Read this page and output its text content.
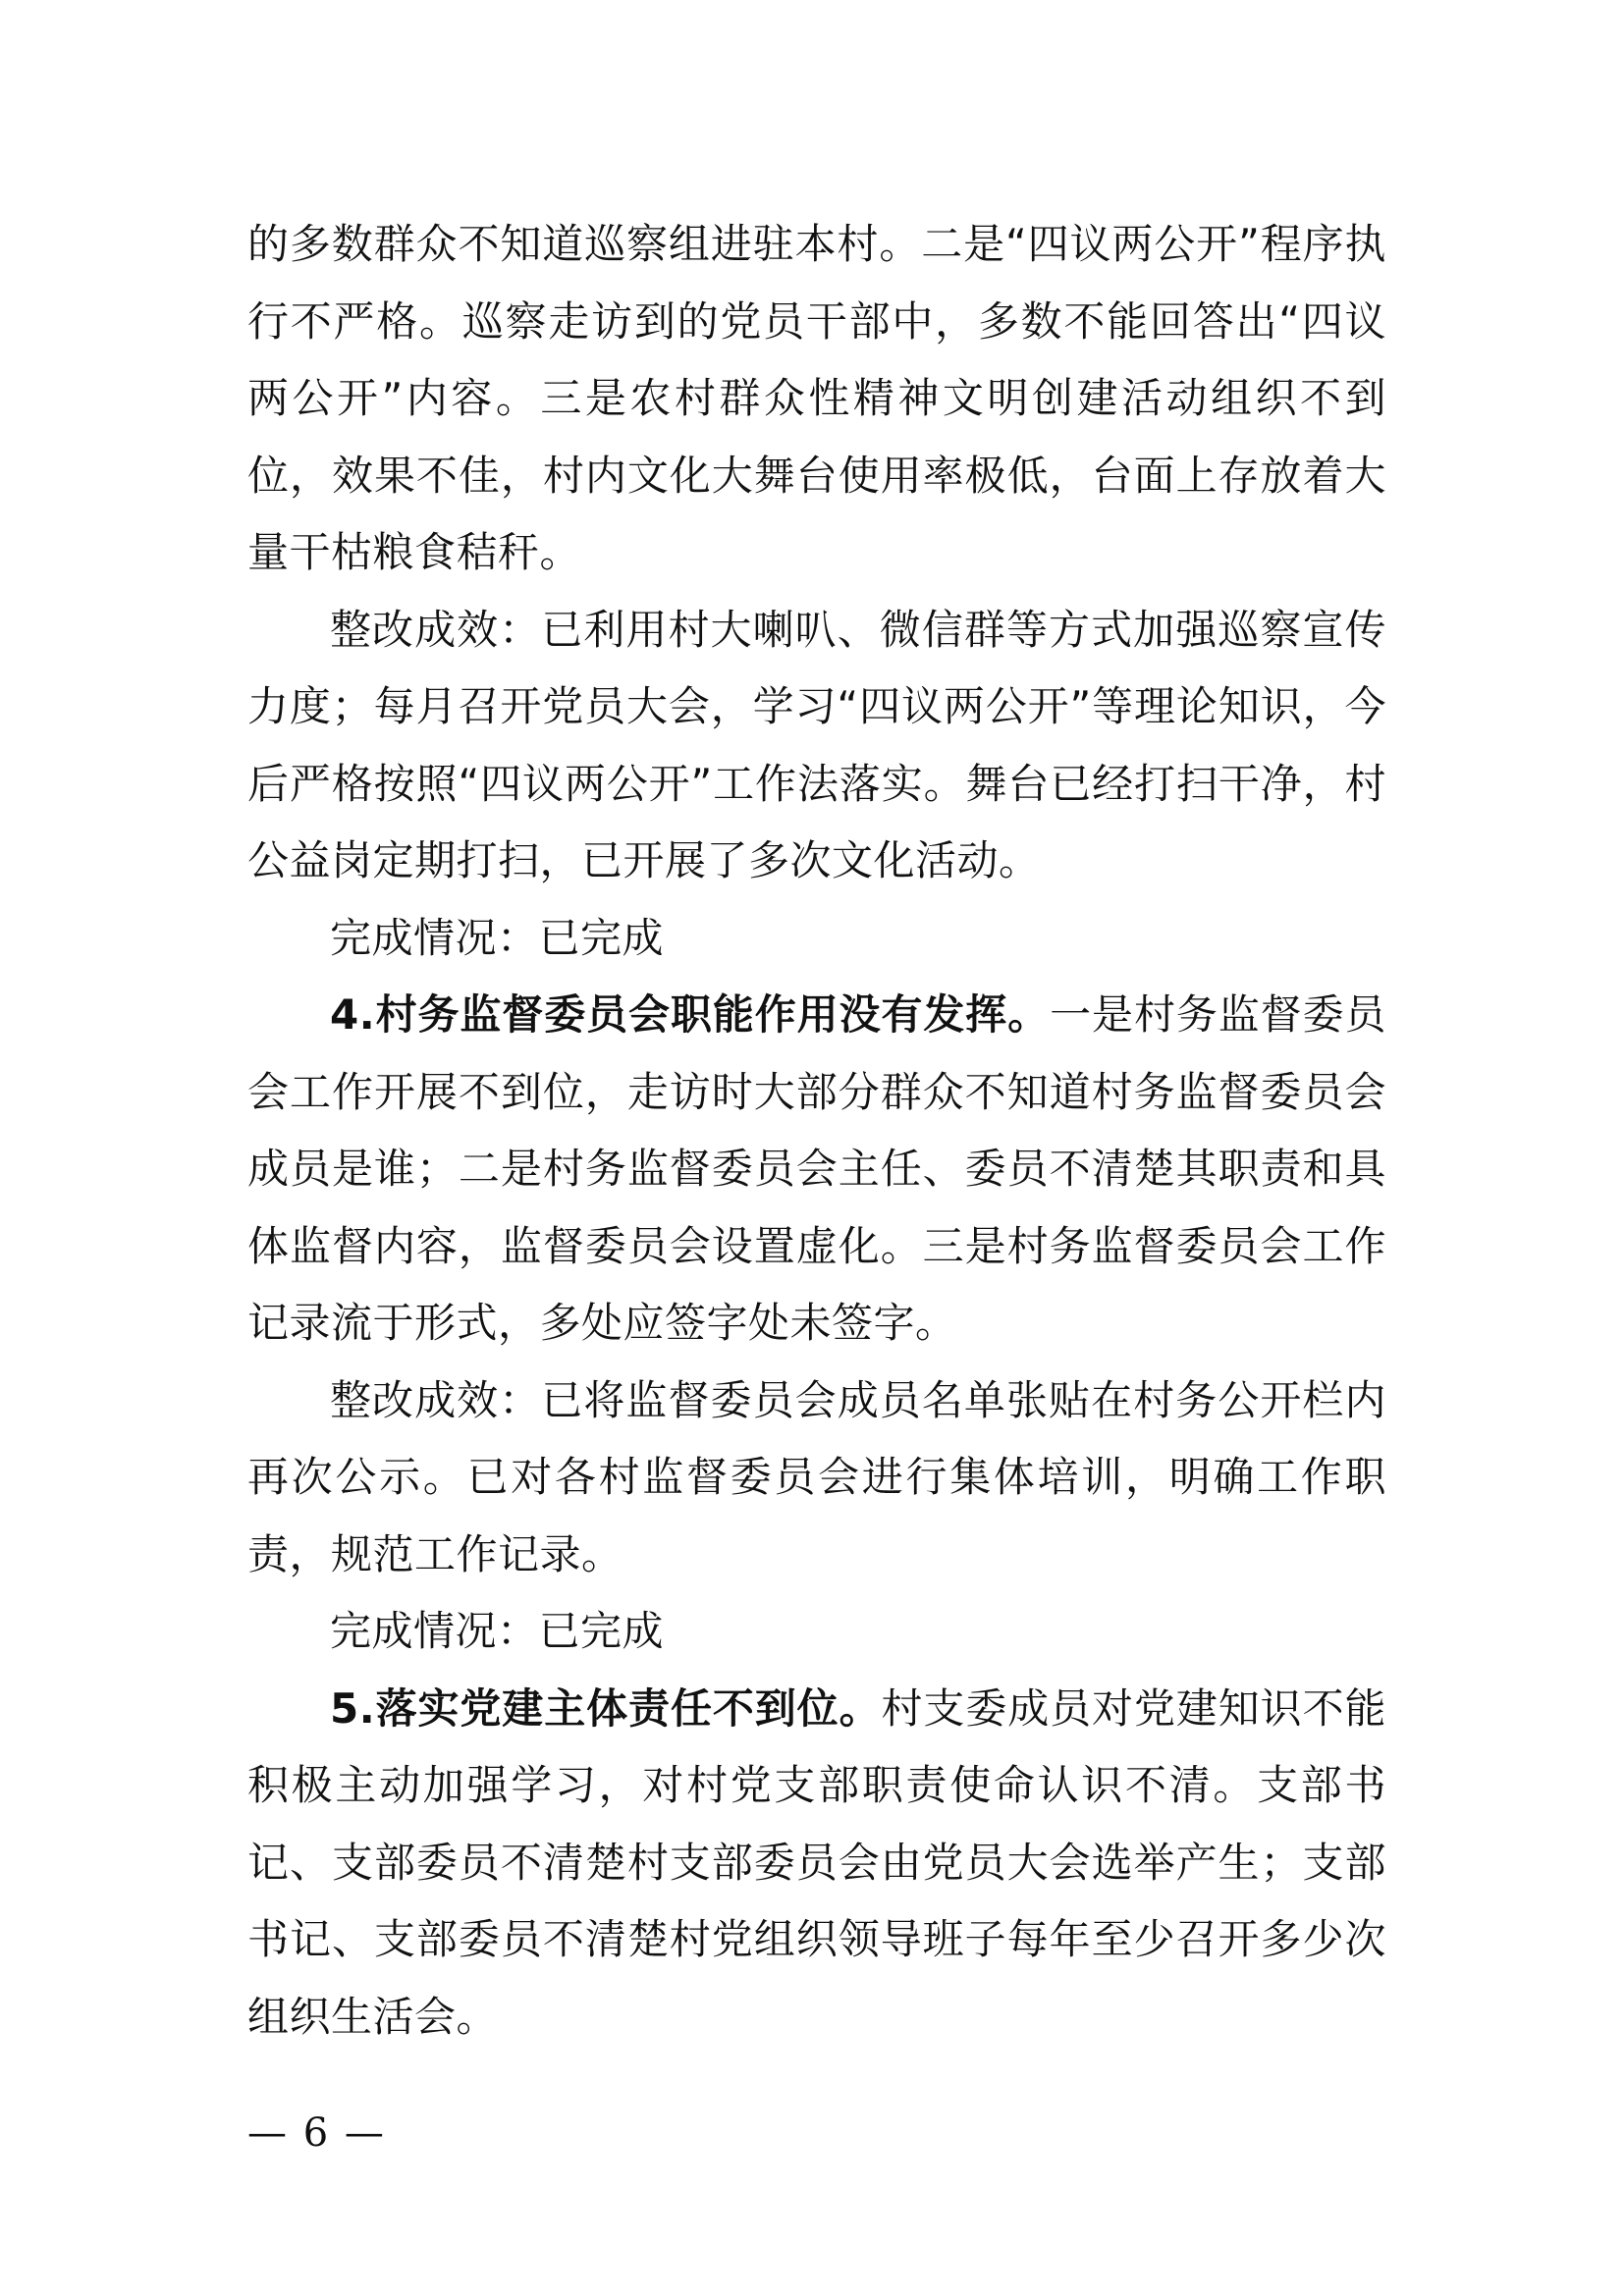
的多数群众不知道巡察组进驻本村。二是“四议两公开”程序执行不严格。巡察走访到的党员干部中，多数不能回答出“四议两公开”内容。三是农村群众性精神文明创建活动组织不到位，效果不佳，村内文化大舞台使用率极低，台面上存放着大量干枯粮食秸秆。

整改成效：已利用村大喇叭、微信群等方式加强巡察宣传力度；每月召开党员大会，学习“四议两公开”等理论知识，今后严格按照“四议两公开”工作法落实。舞台已经打扫干净，村公益岗定期打扫，已开展了多次文化活动。

完成情况：已完成

4.村务监督委员会职能作用没有发挥。一是村务监督委员会工作开展不到位，走访时大部分群众不知道村务监督委员会成员是谁；二是村务监督委员会主任、委员不清楚其职责和具体监督内容，监督委员会设置虚化。三是村务监督委员会工作记录流于形式，多处应签字处未签字。

整改成效：已将监督委员会成员名单张贴在村务公开栏内再次公示。已对各村监督委员会进行集体培训，明确工作职责，规范工作记录。

完成情况：已完成

5.落实党建主体责任不到位。村支委成员对党建知识不能积极主动加强学习，对村党支部职责使命认识不清。支部书记、支部委员不清楚村支部委员会由党员大会选举产生；支部书记、支部委员不清楚村党组织领导班子每年至少召开多少次组织生活会。

— 6 —
